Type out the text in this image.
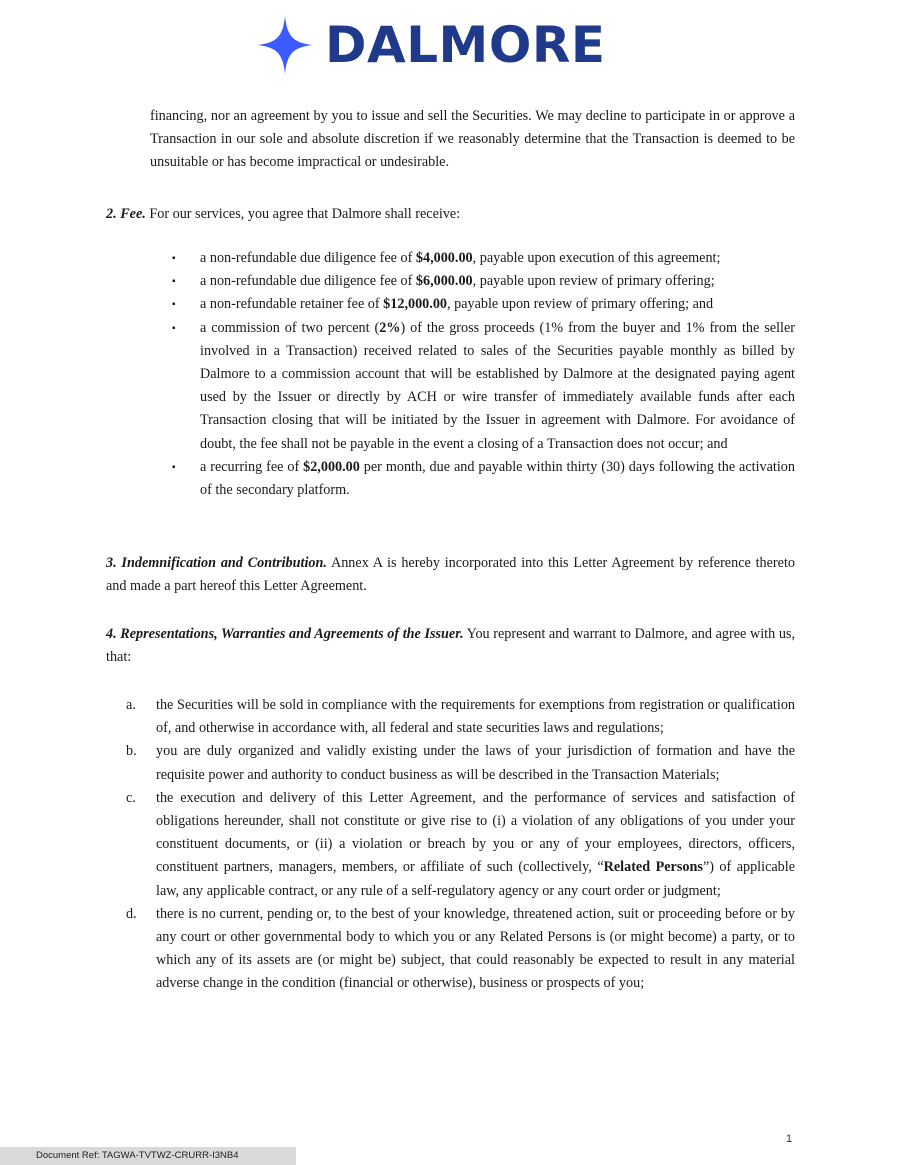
DALMORE
financing, nor an agreement by you to issue and sell the Securities. We may decline to participate in or approve a Transaction in our sole and absolute discretion if we reasonably determine that the Transaction is deemed to be unsuitable or has become impractical or undesirable.
2. Fee. For our services, you agree that Dalmore shall receive:
▪ a non-refundable due diligence fee of $4,000.00, payable upon execution of this agreement;
▪ a non-refundable due diligence fee of $6,000.00, payable upon review of primary offering;
▪ a non-refundable retainer fee of $12,000.00, payable upon review of primary offering; and
▪ a commission of two percent (2%) of the gross proceeds (1% from the buyer and 1% from the seller involved in a Transaction) received related to sales of the Securities payable monthly as billed by Dalmore to a commission account that will be established by Dalmore at the designated paying agent used by the Issuer or directly by ACH or wire transfer of immediately available funds after each Transaction closing that will be initiated by the Issuer in agreement with Dalmore. For avoidance of doubt, the fee shall not be payable in the event a closing of a Transaction does not occur; and
▪ a recurring fee of $2,000.00 per month, due and payable within thirty (30) days following the activation of the secondary platform.
3. Indemnification and Contribution. Annex A is hereby incorporated into this Letter Agreement by reference thereto and made a part hereof this Letter Agreement.
4. Representations, Warranties and Agreements of the Issuer. You represent and warrant to Dalmore, and agree with us, that:
a. the Securities will be sold in compliance with the requirements for exemptions from registration or qualification of, and otherwise in accordance with, all federal and state securities laws and regulations;
b. you are duly organized and validly existing under the laws of your jurisdiction of formation and have the requisite power and authority to conduct business as will be described in the Transaction Materials;
c. the execution and delivery of this Letter Agreement, and the performance of services and satisfaction of obligations hereunder, shall not constitute or give rise to (i) a violation of any obligations of you under your constituent documents, or (ii) a violation or breach by you or any of your employees, directors, officers, constituent partners, managers, members, or affiliate of such (collectively, “Related Persons”) of applicable law, any applicable contract, or any rule of a self-regulatory agency or any court order or judgment;
d. there is no current, pending or, to the best of your knowledge, threatened action, suit or proceeding before or by any court or other governmental body to which you or any Related Persons is (or might become) a party, or to which any of its assets are (or might be) subject, that could reasonably be expected to result in any material adverse change in the condition (financial or otherwise), business or prospects of you;
1
Document Ref: TAGWA-TVTWZ-CRURR-I3NB4
